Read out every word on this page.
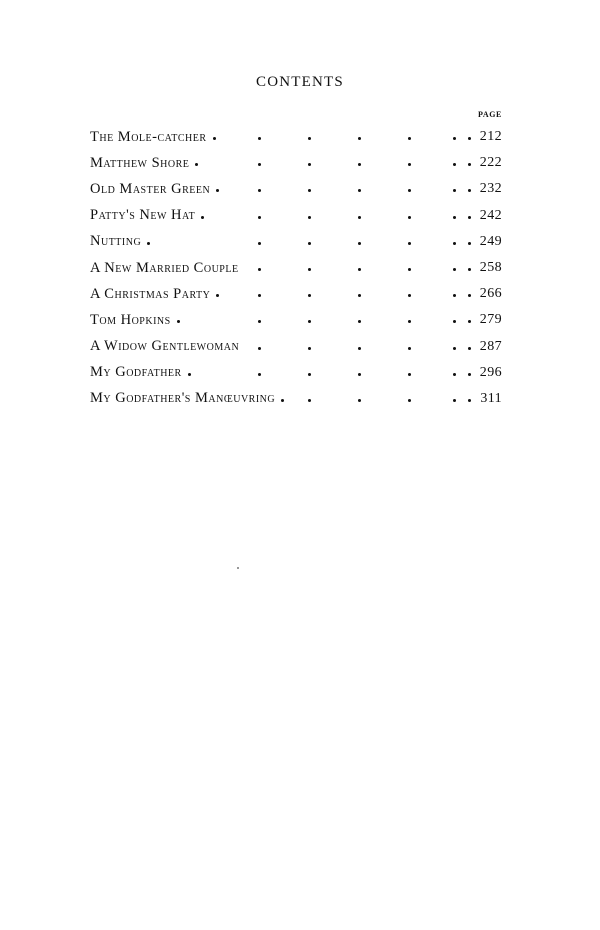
CONTENTS
PAGE
The Mole-catcher	212
Matthew Shore	222
Old Master Green	232
Patty's New Hat	242
Nutting	249
A New Married Couple	258
A Christmas Party	266
Tom Hopkins	279
A Widow Gentlewoman	287
My Godfather	296
My Godfather's Manœuvring	311
